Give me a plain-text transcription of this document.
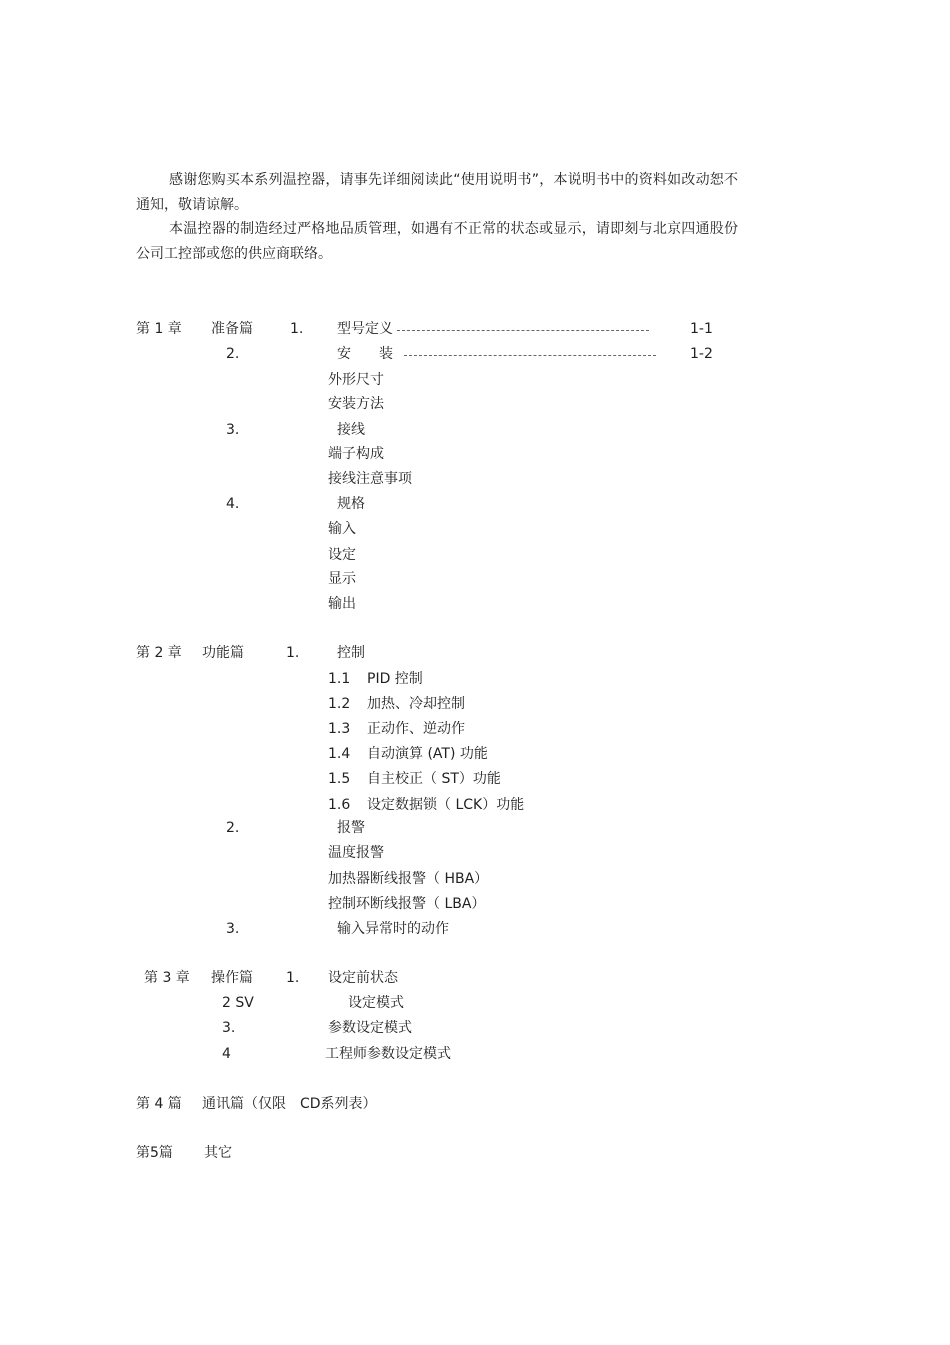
感谢您购买本系列温控器，请事先详细阅读此“使用说明书”，本说明书中的资料如改动恕不通知，敬请谅解。

本温控器的制造经过严格地品质管理，如遇有不正常的状态或显示，请即刻与北京四通股份公司工控部或您的供应商联络。

第 1 章 准备篇	1. 型号定义	1-1
2.	安　　装	1-2
外形尺寸
安装方法
3.	接线
端子构成
接线注意事项
4.	规格
输入
设定
显示
输出
第 2 章 功能篇	1.	控制
1.1 PID 控制
1.2 加热、冷却控制
1.3 正动作、逆动作
1.4 自动演算 (AT) 功能
1.5 自主校正（ ST）功能
1.6 设定数据锁（ LCK）功能
2.	报警
温度报警
加热器断线报警（ HBA）
控制环断线报警（ LBA）
3.	输入异常时的动作
第 3 章 操作篇 1. 设定前状态
2 SV	设定模式
3.	参数设定模式
4	工程师参数设定模式
第 4 篇 通讯篇（仅限　CD系列表）
第5篇 其它
